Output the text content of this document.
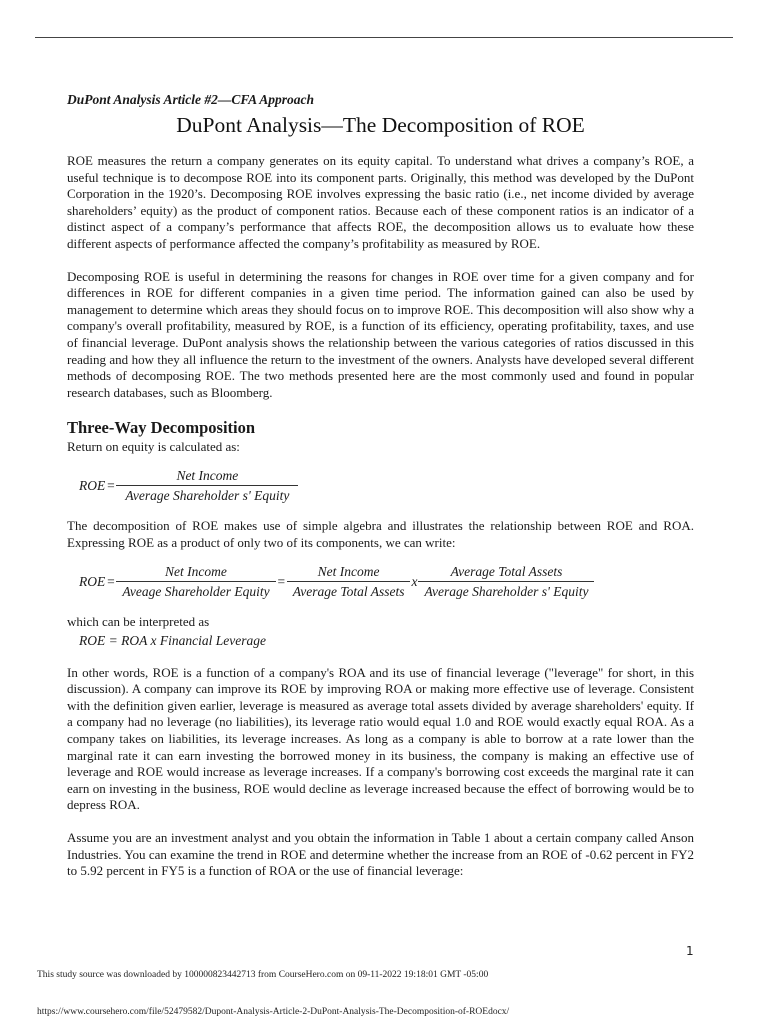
DuPont Analysis Article #2—CFA Approach

DuPont Analysis—The Decomposition of ROE

ROE measures the return a company generates on its equity capital. To understand what drives a company’s ROE, a useful technique is to decompose ROE into its component parts. Originally, this method was developed by the DuPont Corporation in the 1920’s. Decomposing ROE involves expressing the basic ratio (i.e., net income divided by average shareholders’ equity) as the product of component ratios. Because each of these component ratios is an indicator of a distinct aspect of a company’s performance that affects ROE, the decomposition allows us to evaluate how these different aspects of performance affected the company’s profitability as measured by ROE.

Decomposing ROE is useful in determining the reasons for changes in ROE over time for a given company and for differences in ROE for different companies in a given time period. The information gained can also be used by management to determine which areas they should focus on to improve ROE. This decomposition will also show why a company's overall profitability, measured by ROE, is a function of its efficiency, operating profitability, taxes, and use of financial leverage. DuPont analysis shows the relationship between the various categories of ratios discussed in this reading and how they all influence the return to the investment of the owners. Analysts have developed several different methods of decomposing ROE. The two methods presented here are the most commonly used and found in popular research databases, such as Bloomberg.

Three-Way Decomposition

Return on equity is calculated as:

ROE = $\frac{\text{Net Income}}{\text{Average Shareholder s' Equity}}$

The decomposition of ROE makes use of simple algebra and illustrates the relationship between ROE and ROA. Expressing ROE as a product of only two of its components, we can write:

ROE = $\frac{\text{Net Income}}{\text{Aveage Shareholder Equity}} = \frac{\text{Net Income}}{\text{Average Total Assets}}$ x $\frac{\text{Average Total Assets}}{\text{Average Shareholder s' Equity}}$

which can be interpreted as

ROE = ROA x Financial Leverage

In other words, ROE is a function of a company's ROA and its use of financial leverage ("leverage" for short, in this discussion). A company can improve its ROE by improving ROA or making more effective use of leverage. Consistent with the definition given earlier, leverage is measured as average total assets divided by average shareholders' equity. If a company had no leverage (no liabilities), its leverage ratio would equal 1.0 and ROE would exactly equal ROA. As a company takes on liabilities, its leverage increases. As long as a company is able to borrow at a rate lower than the marginal rate it can earn investing the borrowed money in its business, the company is making an effective use of leverage and ROE would increase as leverage increases. If a company's borrowing cost exceeds the marginal rate it can earn on investing in the business, ROE would decline as leverage increased because the effect of borrowing would be to depress ROA.

Assume you are an investment analyst and you obtain the information in Table 1 about a certain company called Anson Industries. You can examine the trend in ROE and determine whether the increase from an ROE of -0.62 percent in FY2 to 5.92 percent in FY5 is a function of ROA or the use of financial leverage:

1
This study source was downloaded by 100000823442713 from CourseHero.com on 09-11-2022 19:18:01 GMT -05:00
https://www.coursehero.com/file/52479582/Dupont-Analysis-Article-2-DuPont-Analysis-The-Decomposition-of-ROEdocx/
